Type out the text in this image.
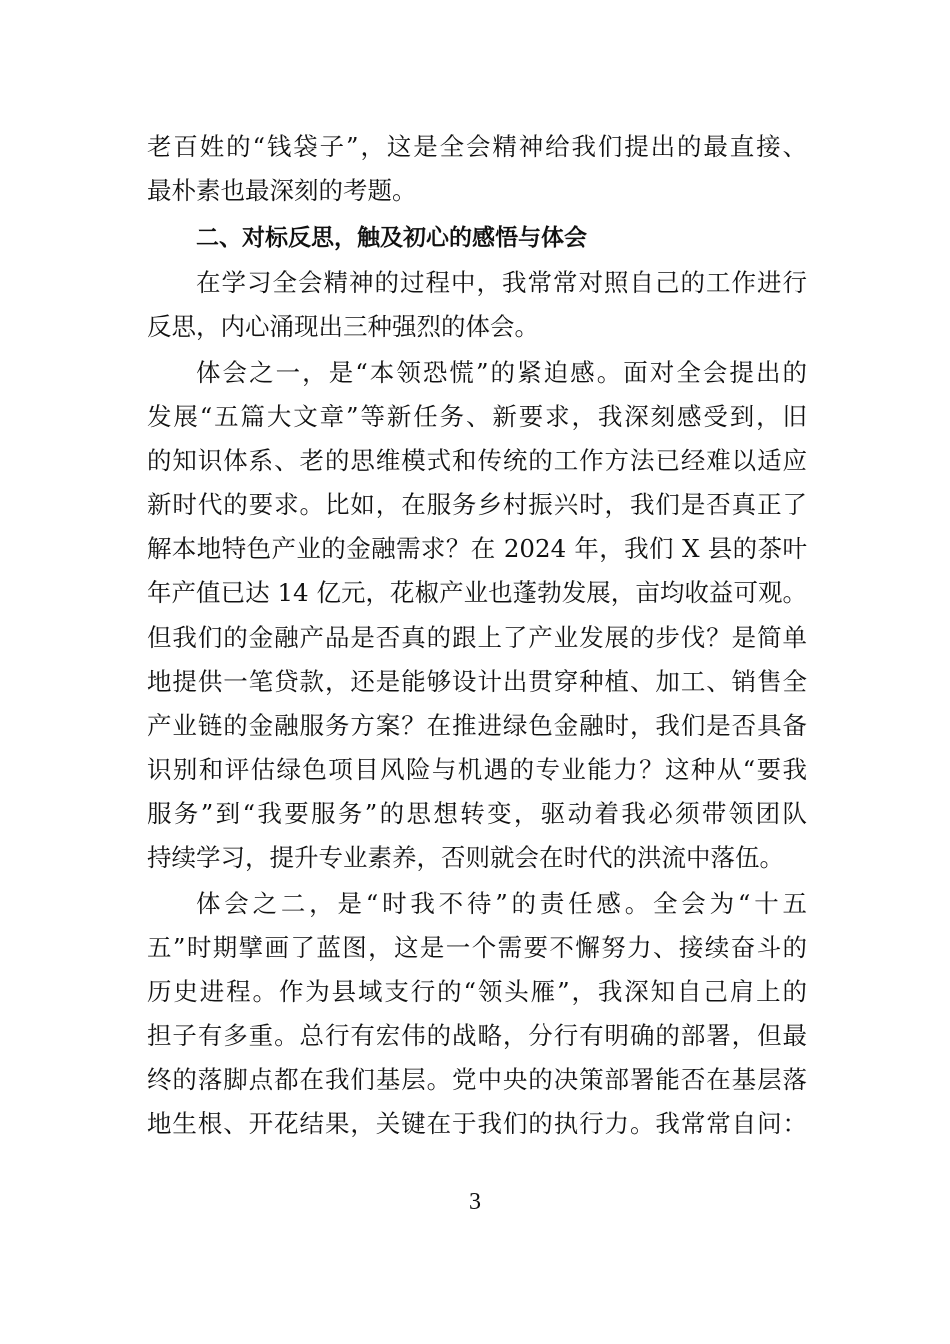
老百姓的“钱袋子”，这是全会精神给我们提出的最直接、
最朴素也最深刻的考题。
二、对标反思，触及初心的感悟与体会
在学习全会精神的过程中，我常常对照自己的工作进行
反思，内心涌现出三种强烈的体会。
体会之一，是“本领恐慌”的紧迫感。面对全会提出的
发展“五篇大文章”等新任务、新要求，我深刻感受到，旧
的知识体系、老的思维模式和传统的工作方法已经难以适应
新时代的要求。比如，在服务乡村振兴时，我们是否真正了
解本地特色产业的金融需求？在 2024 年，我们 X 县的茶叶
年产值已达 14 亿元，花椒产业也蓬勃发展，亩均收益可观。
但我们的金融产品是否真的跟上了产业发展的步伐？是简单
地提供一笔贷款，还是能够设计出贯穿种植、加工、销售全
产业链的金融服务方案？在推进绿色金融时，我们是否具备
识别和评估绿色项目风险与机遇的专业能力？这种从“要我
服务”到“我要服务”的思想转变，驱动着我必须带领团队
持续学习，提升专业素养，否则就会在时代的洪流中落伍。
体会之二，是“时我不待”的责任感。全会为“十五
五”时期擘画了蓝图，这是一个需要不懈努力、接续奋斗的
历史进程。作为县域支行的“领头雁”，我深知自己肩上的
担子有多重。总行有宏伟的战略，分行有明确的部署，但最
终的落脚点都在我们基层。党中央的决策部署能否在基层落
地生根、开花结果，关键在于我们的执行力。我常常自问：
3
